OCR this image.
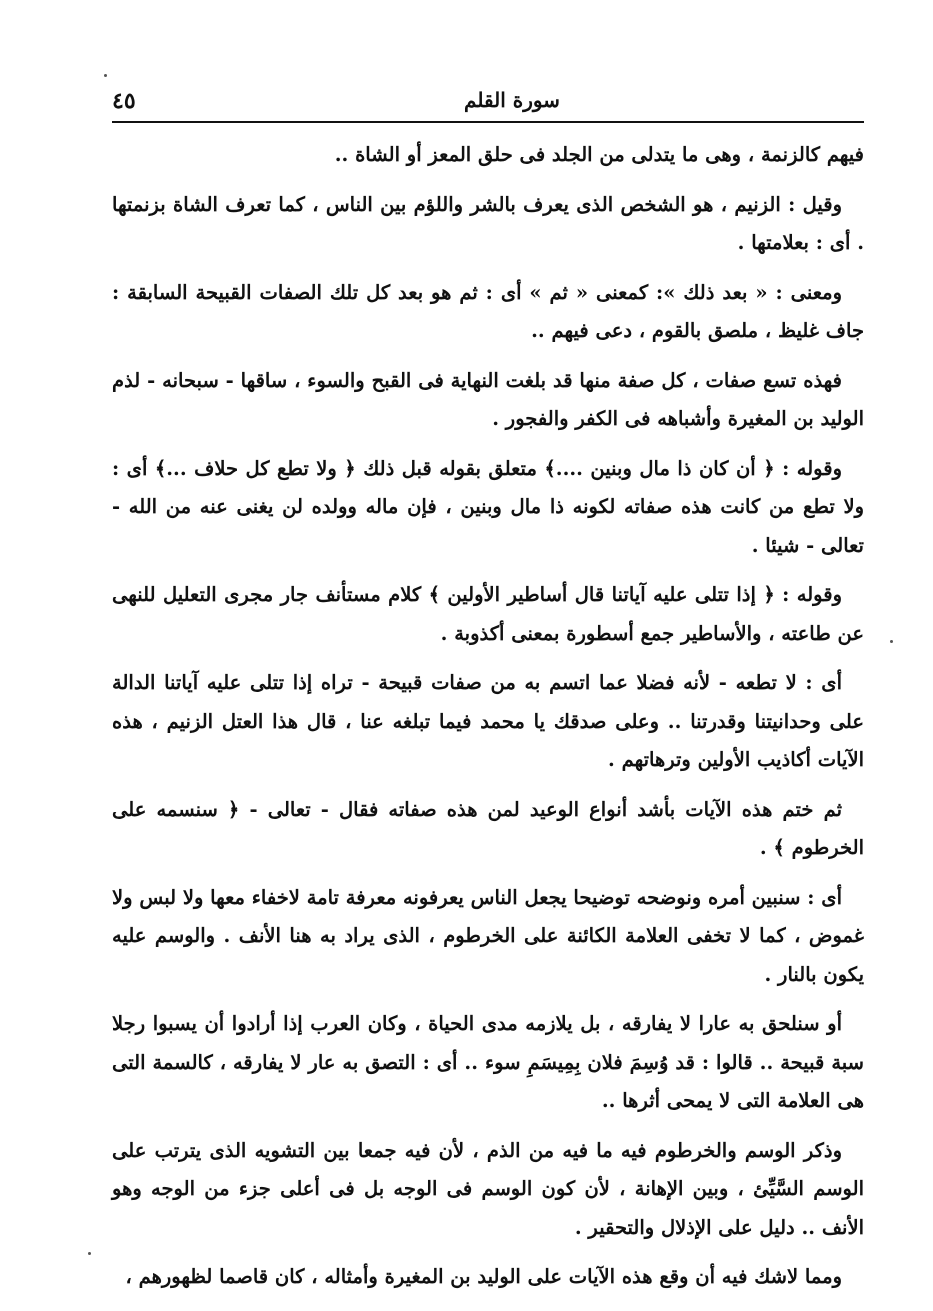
٤٥	سورة القلم

فيهم كالزنمة ، وهى ما يتدلى من الجلد فى حلق المعز أو الشاة ..

وقيل : الزنيم ، هو الشخص الذى يعرف بالشر واللؤم بين الناس ، كما تعرف الشاة بزنمتها . أى : بعلامتها .

ومعنى : « بعد ذلك »: كمعنى « ثم » أى : ثم هو بعد كل تلك الصفات القبيحة السابقة : جاف غليظ ، ملصق بالقوم ، دعى فيهم ..

فهذه تسع صفات ، كل صفة منها قد بلغت النهاية فى القبح والسوء ، ساقها - سبحانه - لذم الوليد بن المغيرة وأشباهه فى الكفر والفجور .

وقوله : ﴿ أن كان ذا مال وبنين ....﴾ متعلق بقوله قبل ذلك ﴿ ولا تطع كل حلاف ...﴾ أى : ولا تطع من كانت هذه صفاته لكونه ذا مال وبنين ، فإن ماله وولده لن يغنى عنه من الله - تعالى - شيئا .

وقوله : ﴿ إذا تتلى عليه آياتنا قال أساطير الأولين ﴾ كلام مستأنف جار مجرى التعليل للنهى عن طاعته ، والأساطير جمع أسطورة بمعنى أكذوبة .

أى : لا تطعه - لأنه فضلا عما اتسم به من صفات قبيحة - تراه إذا تتلى عليه آياتنا الدالة على وحدانيتنا وقدرتنا .. وعلى صدقك يا محمد فيما تبلغه عنا ، قال هذا العتل الزنيم ، هذه الآيات أكاذيب الأولين وترهاتهم .

ثم ختم هذه الآيات بأشد أنواع الوعيد لمن هذه صفاته فقال - تعالى - ﴿ سنسمه على الخرطوم ﴾ .

أى : سنبين أمره ونوضحه توضيحا يجعل الناس يعرفونه معرفة تامة لاخفاء معها ولا لبس ولا غموض ، كما لا تخفى العلامة الكائنة على الخرطوم ، الذى يراد به هنا الأنف . والوسم عليه يكون بالنار .

أو سنلحق به عارا لا يفارقه ، بل يلازمه مدى الحياة ، وكان العرب إذا أرادوا أن يسبوا رجلا سبة قبيحة .. قالوا : قد وُسِمَ فلان بِمِيسَمِ سوء .. أى : التصق به عار لا يفارقه ، كالسمة التى هى العلامة التى لا يمحى أثرها ..

وذكر الوسم والخرطوم فيه ما فيه من الذم ، لأن فيه جمعا بين التشويه الذى يترتب على الوسم السَّيِّئ ، وبين الإهانة ، لأن كون الوسم فى الوجه بل فى أعلى جزء من الوجه وهو الأنف .. دليل على الإذلال والتحقير .

ومما لاشك فيه أن وقع هذه الآيات على الوليد بن المغيرة وأمثاله ، كان قاصما لظهورهم ،
